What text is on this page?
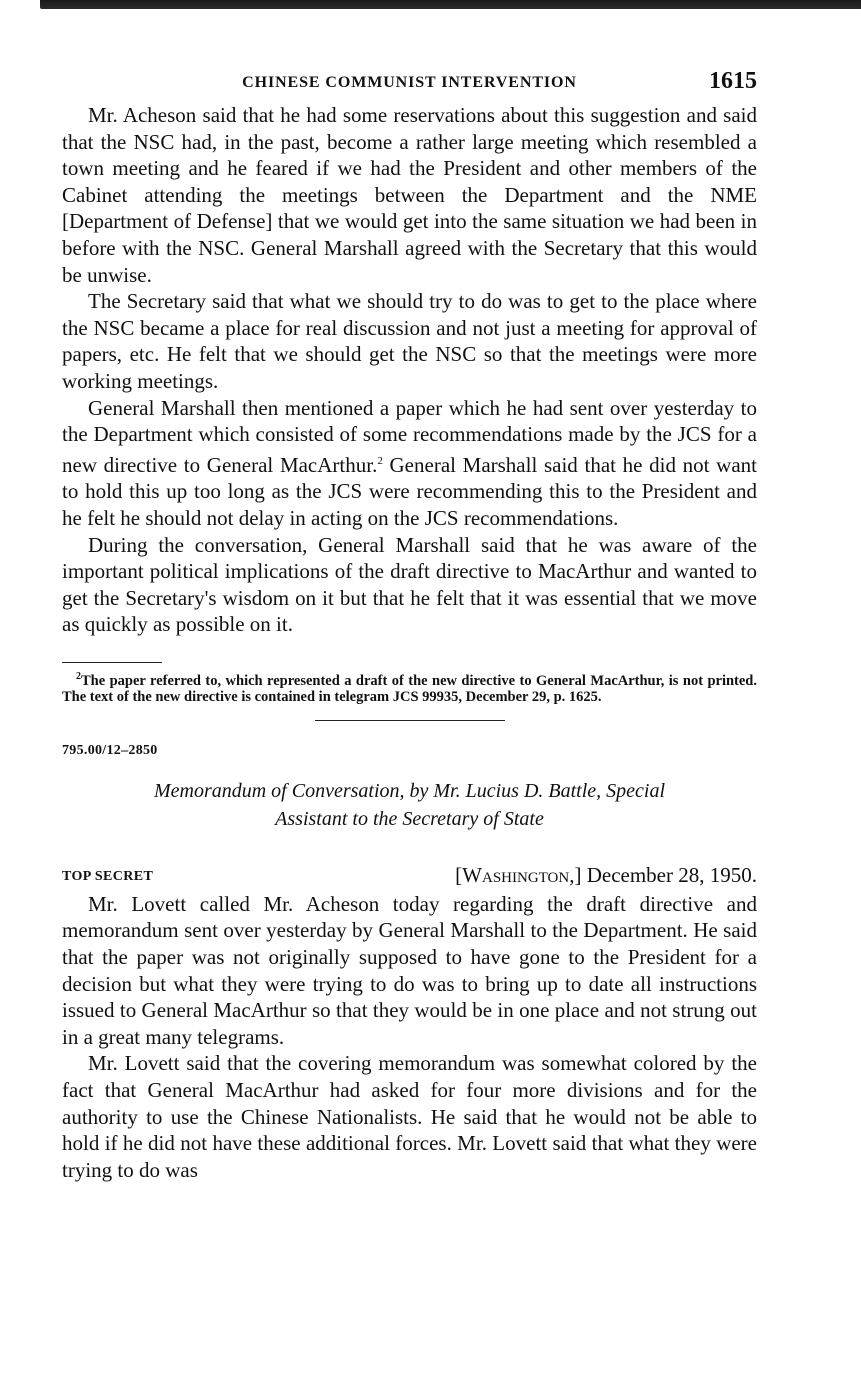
CHINESE COMMUNIST INTERVENTION	1615

Mr. Acheson said that he had some reservations about this suggestion and said that the NSC had, in the past, become a rather large meeting which resembled a town meeting and he feared if we had the President and other members of the Cabinet attending the meetings between the Department and the NME [Department of Defense] that we would get into the same situation we had been in before with the NSC. General Marshall agreed with the Secretary that this would be unwise.

The Secretary said that what we should try to do was to get to the place where the NSC became a place for real discussion and not just a meeting for approval of papers, etc. He felt that we should get the NSC so that the meetings were more working meetings.

General Marshall then mentioned a paper which he had sent over yesterday to the Department which consisted of some recommendations made by the JCS for a new directive to General MacArthur.$^2$ General Marshall said that he did not want to hold this up too long as the JCS were recommending this to the President and he felt he should not delay in acting on the JCS recommendations.

During the conversation, General Marshall said that he was aware of the important political implications of the draft directive to MacArthur and wanted to get the Secretary's wisdom on it but that he felt that it was essential that we move as quickly as possible on it.

$^2$The paper referred to, which represented a draft of the new directive to General MacArthur, is not printed. The text of the new directive is contained in telegram JCS 99935, December 29, p. 1625.

795.00/12–2850
Memorandum of Conversation, by Mr. Lucius D. Battle, Special
Assistant to the Secretary of State
TOP SECRET	[Washington,] December 28, 1950.

Mr. Lovett called Mr. Acheson today regarding the draft directive and memorandum sent over yesterday by General Marshall to the Department. He said that the paper was not originally supposed to have gone to the President for a decision but what they were trying to do was to bring up to date all instructions issued to General MacArthur so that they would be in one place and not strung out in a great many telegrams.

Mr. Lovett said that the covering memorandum was somewhat colored by the fact that General MacArthur had asked for four more divisions and for the authority to use the Chinese Nationalists. He said that he would not be able to hold if he did not have these additional forces. Mr. Lovett said that what they were trying to do was
